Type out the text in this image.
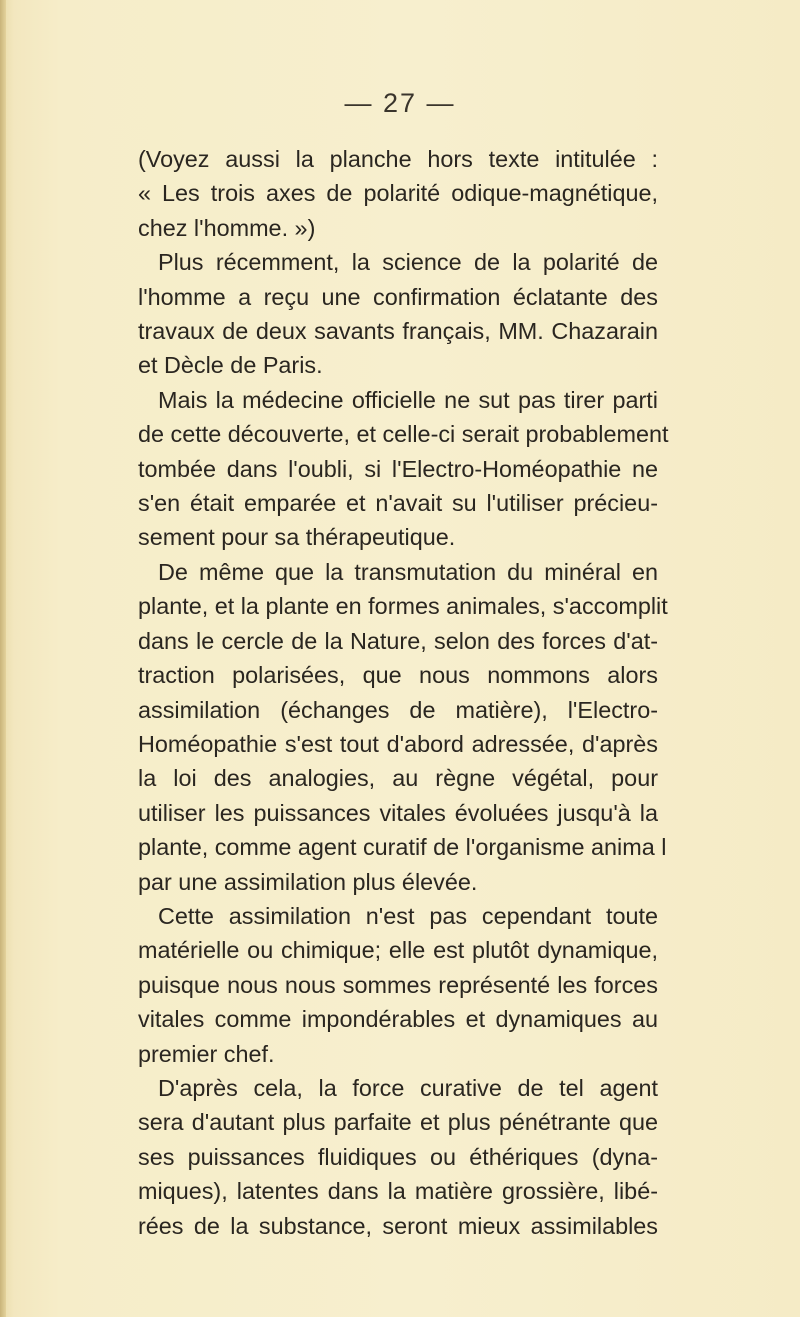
— 27 —
(Voyez aussi la planche hors texte intitulée :
« Les trois axes de polarité odique-magnétique,
chez l'homme. »)
Plus récemment, la science de la polarité de
l'homme a reçu une confirmation éclatante des
travaux de deux savants français, MM. Chazarain
et Dècle de Paris.
Mais la médecine officielle ne sut pas tirer parti
de cette découverte, et celle-ci serait probablement
tombée dans l'oubli, si l'Electro-Homéopathie ne
s'en était emparée et n'avait su l'utiliser précieu-
sement pour sa thérapeutique.
De même que la transmutation du minéral en
plante, et la plante en formes animales, s'accomplit
dans le cercle de la Nature, selon des forces d'at-
traction polarisées, que nous nommons alors
assimilation (échanges de matière), l'Electro-
Homéopathie s'est tout d'abord adressée, d'après
la loi des analogies, au règne végétal, pour
utiliser les puissances vitales évoluées jusqu'à la
plante, comme agent curatif de l'organisme anima l
par une assimilation plus élevée.
Cette assimilation n'est pas cependant toute
matérielle ou chimique; elle est plutôt dynamique,
puisque nous nous sommes représenté les forces
vitales comme impondérables et dynamiques au
premier chef.
D'après cela, la force curative de tel agent
sera d'autant plus parfaite et plus pénétrante que
ses puissances fluidiques ou éthériques (dyna-
miques), latentes dans la matière grossière, libé-
rées de la substance, seront mieux assimilables
